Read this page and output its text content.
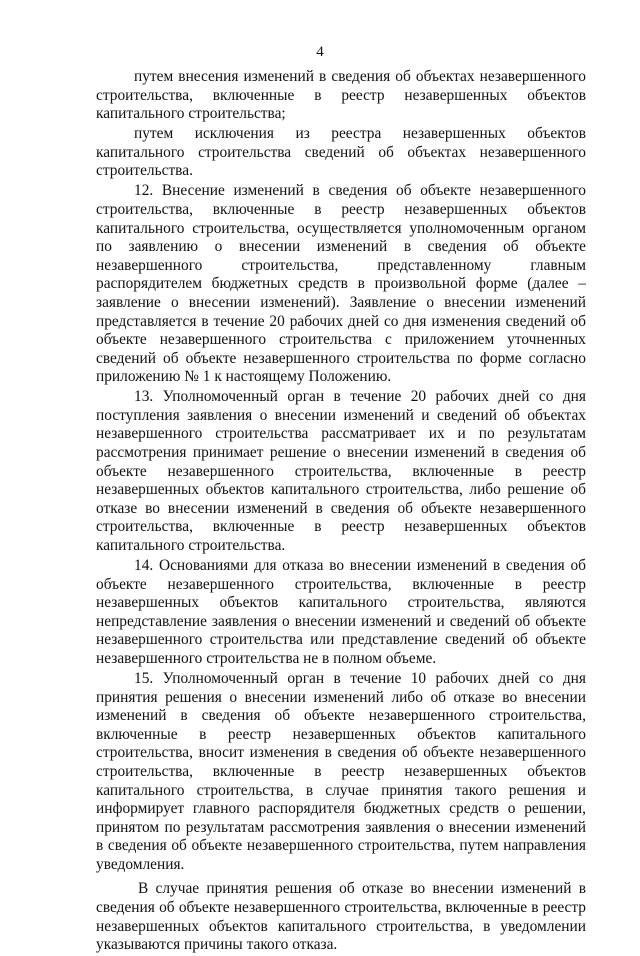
4

путем внесения изменений в сведения об объектах незавершенного строительства, включенные в реестр незавершенных объектов капитального строительства;

путем исключения из реестра незавершенных объектов капитального строительства сведений об объектах незавершенного строительства.

12. Внесение изменений в сведения об объекте незавершенного строительства, включенные в реестр незавершенных объектов капитального строительства, осуществляется уполномоченным органом по заявлению о внесении изменений в сведения об объекте незавершенного строительства, представленному главным распорядителем бюджетных средств в произвольной форме (далее – заявление о внесении изменений). Заявление о внесении изменений представляется в течение 20 рабочих дней со дня изменения сведений об объекте незавершенного строительства с приложением уточненных сведений об объекте незавершенного строительства по форме согласно приложению № 1 к настоящему Положению.

13. Уполномоченный орган в течение 20 рабочих дней со дня поступления заявления о внесении изменений и сведений об объектах незавершенного строительства рассматривает их и по результатам рассмотрения принимает решение о внесении изменений в сведения об объекте незавершенного строительства, включенные в реестр незавершенных объектов капитального строительства, либо решение об отказе во внесении изменений в сведения об объекте незавершенного строительства, включенные в реестр незавершенных объектов капитального строительства.

14. Основаниями для отказа во внесении изменений в сведения об объекте незавершенного строительства, включенные в реестр незавершенных объектов капитального строительства, являются непредставление заявления о внесении изменений и сведений об объекте незавершенного строительства или представление сведений об объекте незавершенного строительства не в полном объеме.

15. Уполномоченный орган в течение 10 рабочих дней со дня принятия решения о внесении изменений либо об отказе во внесении изменений в сведения об объекте незавершенного строительства, включенные в реестр незавершенных объектов капитального строительства, вносит изменения в сведения об объекте незавершенного строительства, включенные в реестр незавершенных объектов капитального строительства, в случае принятия такого решения и информирует главного распорядителя бюджетных средств о решении, принятом по результатам рассмотрения заявления о внесении изменений в сведения об объекте незавершенного строительства, путем направления уведомления.

В случае принятия решения об отказе во внесении изменений в сведения об объекте незавершенного строительства, включенные в реестр незавершенных объектов капитального строительства, в уведомлении указываются причины такого отказа.
